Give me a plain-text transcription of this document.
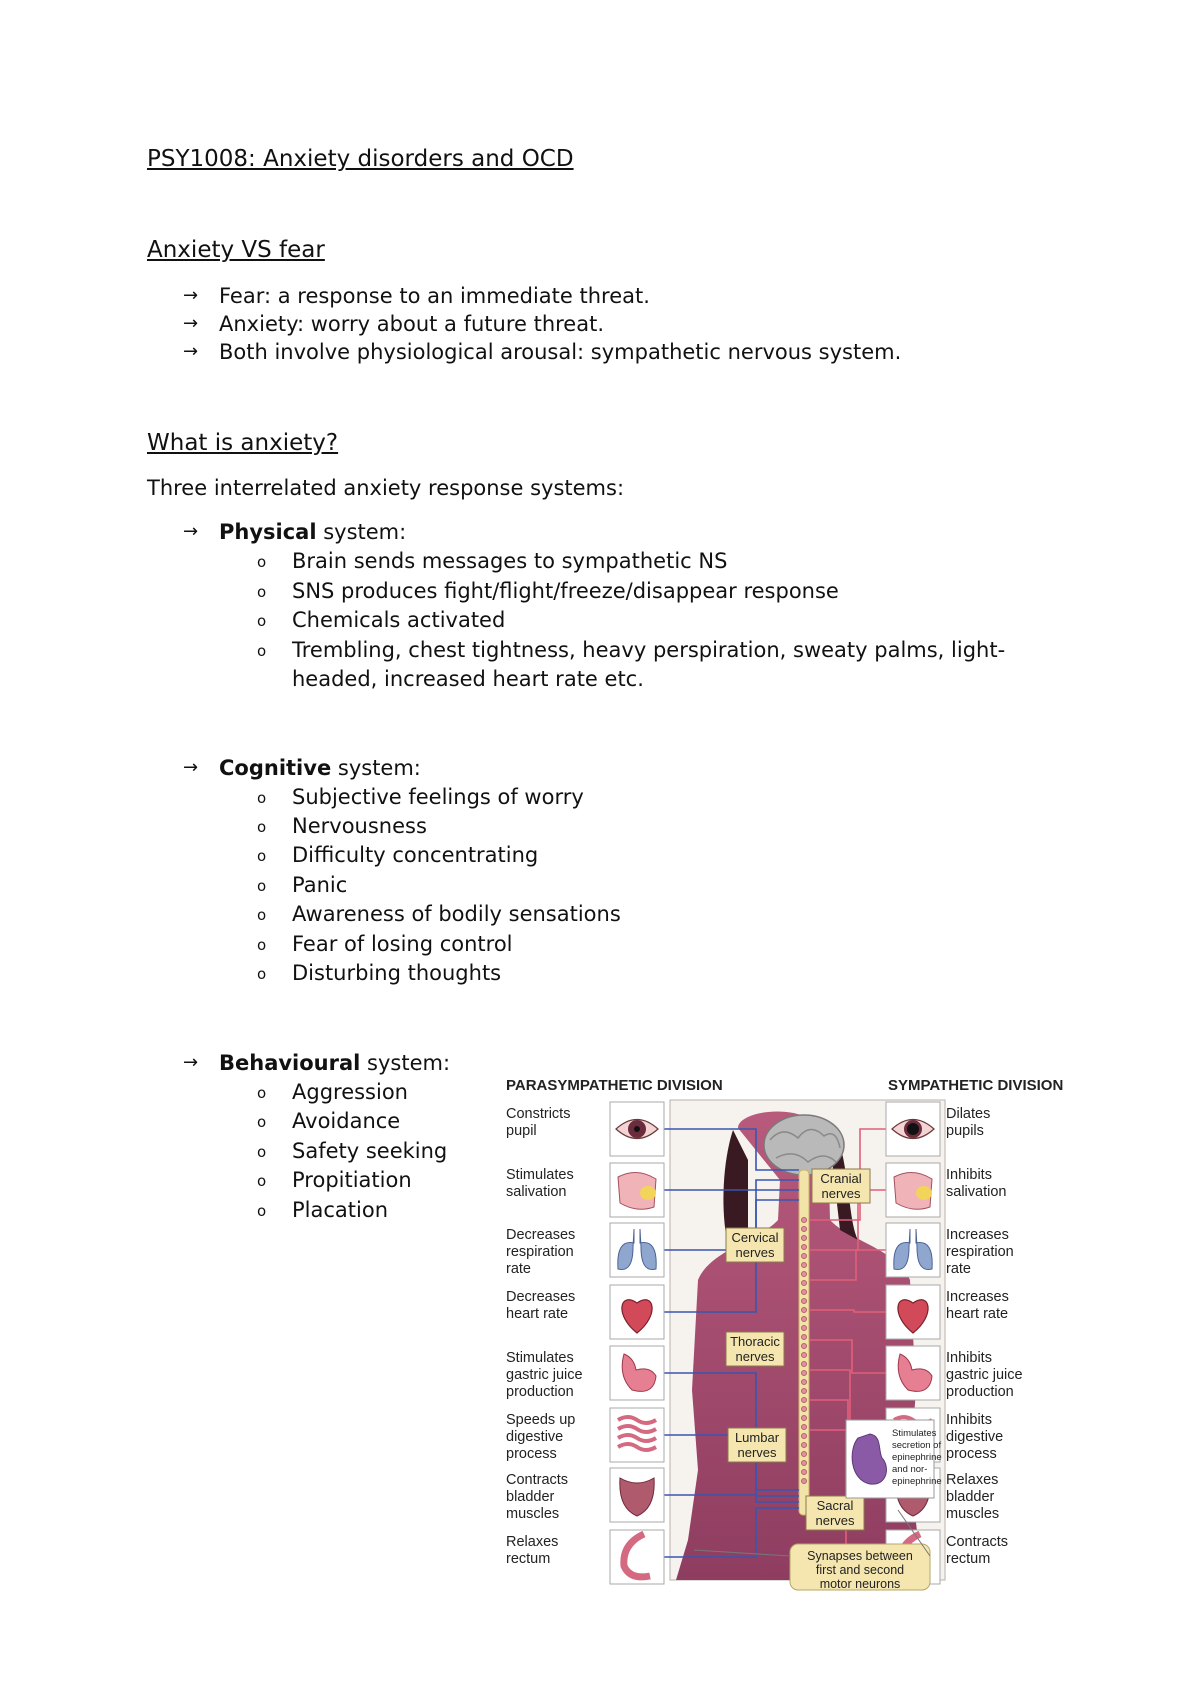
PSY1008: Anxiety disorders and OCD
Anxiety VS fear
→ Fear: a response to an immediate threat.
→ Anxiety: worry about a future threat.
→ Both involve physiological arousal: sympathetic nervous system.
What is anxiety?
Three interrelated anxiety response systems:
→ Physical system:
o Brain sends messages to sympathetic NS
o SNS produces fight/flight/freeze/disappear response
o Chemicals activated
o Trembling, chest tightness, heavy perspiration, sweaty palms, light-
headed, increased heart rate etc.
→ Cognitive system:
o Subjective feelings of worry
o Nervousness
o Difficulty concentrating
o Panic
o Awareness of bodily sensations
o Fear of losing control
o Disturbing thoughts
→ Behavioural system:
o Aggression
o Avoidance
o Safety seeking
o Propitiation
o Placation
PARASYMPATHETIC DIVISION	SYMPATHETIC DIVISION
Constricts pupil
Stimulates salivation
Decreases respiration rate
Decreases heart rate
Stimulates gastric juice production
Speeds up digestive process
Contracts bladder muscles
Relaxes rectum
Dilates pupils
Inhibits salivation
Increases respiration rate
Increases heart rate
Inhibits gastric juice production
Inhibits digestive process
Relaxes bladder muscles
Contracts rectum
Cranial nerves
Cervical nerves
Thoracic nerves
Lumbar nerves
Sacral nerves
Stimulates secretion of epinephrine and nor-epinephrine
Synapses between first and second motor neurons
